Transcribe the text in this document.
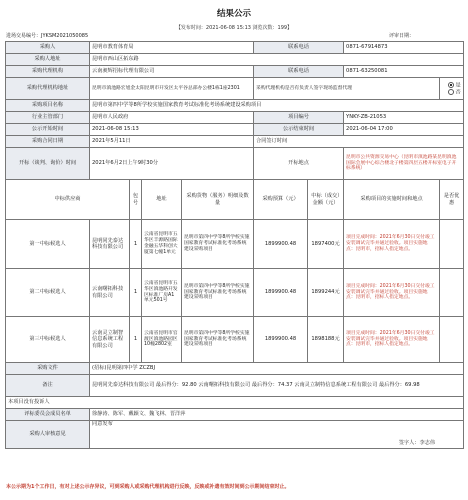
结果公示
【发布时间：2021-06-08 15:13 浏览次数：199】
进场交易编号：JYKSM2021050085	评审日期：
采购人	昆明市教育体育局				联系电话		0871-67914873	
采购人地址	昆明市西山区拓东路							
采购代理机构	云南昶辉招标代理有限公司				联系电话		0871-63250081	
采购代理机构地址	昆明市滇池路宏旭金太阳昆明市开发区太平谷总部办公楼1栋1座2301				采购代理机构是否有负责人签字现场监督代理			是 否
采购项目名称	昆明市第四中学等8所学校实施国家教育考试标准化考场系统建设采购项目							
行业主管部门	昆明市人民政府				项目编号		YNKY-ZB-21053	
公示开始时间	2021-06-08 15:13				公示结束时间		2021-06-04 17:00	
采购合同日期	2021年5月11日				合同签订时间			
开标（谈判、询价）时间	2021年6月2日上午9时30分				开标地点		昆明市公共资源交易中心（昆明市滇池路某昆明滇池国际会展中心综合楼北子楼第四层五楼开标室电子开标系统）	
中标供应商		包号	地址	采购货物（服务）明细及数量	采购预算（元）	中标（成交）金额（元）	采购项目的实施时间和地点	是否优惠
第一中标候选人	昆明同先泰达科技有限公司	1	云南省昆明市五华区丰源路国际金融五华科创大厦第七幢1单元	昆明市第四中学等8所学校实施国家教育考试标准化考场系统建设采购项目	1899900.48	1897400元	项目完成时间：2021年6月30日交付竣工安装调试完毕并通过验收。项目实施地点：昆明市，招标人指定地点。	
第二中标候选人	云南曙拓科技有限公司	1	云南省昆明市五华区滇池路开发区标准厂房A1单元501号	昆明市第四中学等8所学校实施国家教育考试标准化考场系统建设采购项目	1899900.48	1899244元	项目完成时间：2021年6月30日交付竣工安装调试完毕并通过验收。项目实施地点：昆明市，招标人指定地点。	
第三中标候选人	云南灵立制智信息系统工程有限公司	1	云南省昆明市官渡区滇池路园区10幢2802室	昆明市第四中学等8所学校实施国家教育考试标准化考场系统建设采购项目	1899900.48	1898188元	项目完成时间：2021年6月30日交付竣工安装调试完毕并通过验收。项目实施地点：昆明市，招标人指定地点。	
采购文件	(招标)昆明第四中学 ZCZBJ							
备注	昆明同先泰达科技有限公司 最后得分：92.80 云南曙拓科技有限公司 最后得分：74.37 云南灵立制特信息系统工程有限公司 最后得分：69.98							
本项目没有投诉人								
评标委员会成员名单	徐静涛、陈军、戴颖文、魏飞林、晋洋萍							
采购人审核意见	同意发布
签字人：李志伟							
本公示期为1个工作日，有对上述公示存异议，可到采购人或采购代理机构进行反映，反映或补遗有效时间到公示期间结束时止。
